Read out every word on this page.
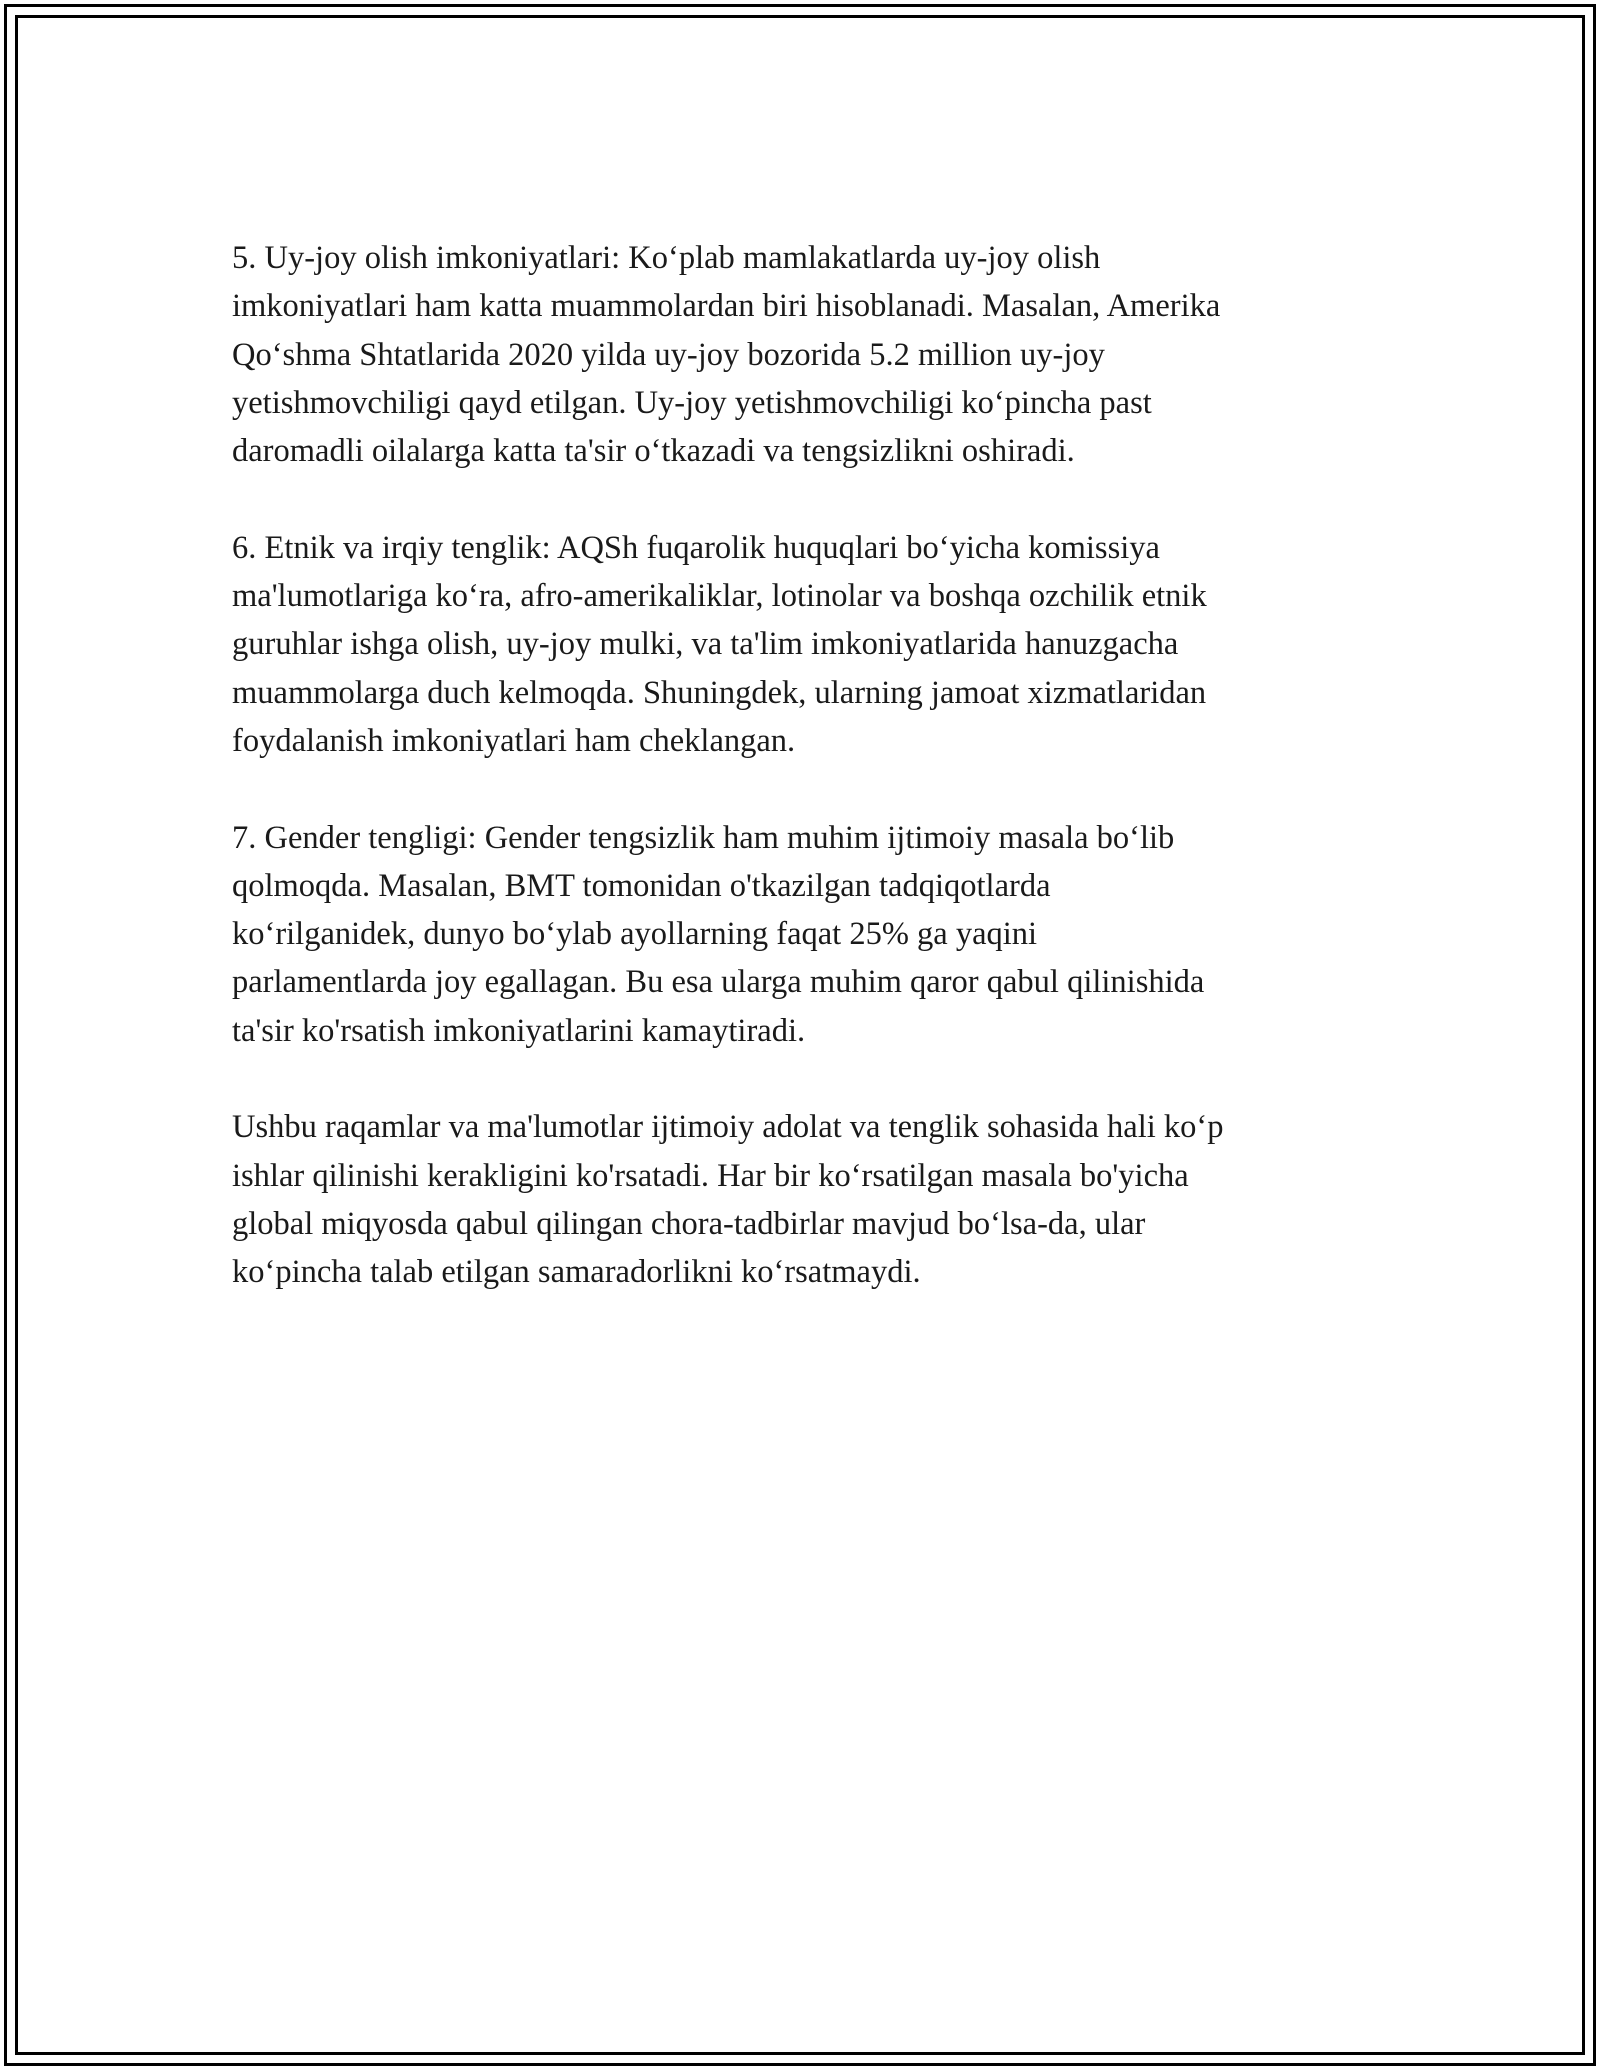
5. Uy-joy olish imkoniyatlari: Koʻplab mamlakatlarda uy-joy olish
imkoniyatlari ham katta muammolardan biri hisoblanadi. Masalan, Amerika
Qoʻshma Shtatlarida 2020 yilda uy-joy bozorida 5.2 million uy-joy
yetishmovchiligi qayd etilgan. Uy-joy yetishmovchiligi koʻpincha past
daromadli oilalarga katta ta'sir oʻtkazadi va tengsizlikni oshiradi.

6. Etnik va irqiy tenglik: AQSh fuqarolik huquqlari boʻyicha komissiya
ma'lumotlariga koʻra, afro-amerikaliklar, lotinolar va boshqa ozchilik etnik
guruhlar ishga olish, uy-joy mulki, va ta'lim imkoniyatlarida hanuzgacha
muammolarga duch kelmoqda. Shuningdek, ularning jamoat xizmatlaridan
foydalanish imkoniyatlari ham cheklangan.

7. Gender tengligi: Gender tengsizlik ham muhim ijtimoiy masala boʻlib
qolmoqda. Masalan, BMT tomonidan o'tkazilgan tadqiqotlarda
koʻrilganidek, dunyo boʻylab ayollarning faqat 25% ga yaqini
parlamentlarda joy egallagan. Bu esa ularga muhim qaror qabul qilinishida
ta'sir ko'rsatish imkoniyatlarini kamaytiradi.

Ushbu raqamlar va ma'lumotlar ijtimoiy adolat va tenglik sohasida hali koʻp
ishlar qilinishi kerakligini ko'rsatadi. Har bir koʻrsatilgan masala bo'yicha
global miqyosda qabul qilingan chora-tadbirlar mavjud boʻlsa-da, ular
koʻpincha talab etilgan samaradorlikni koʻrsatmaydi.
